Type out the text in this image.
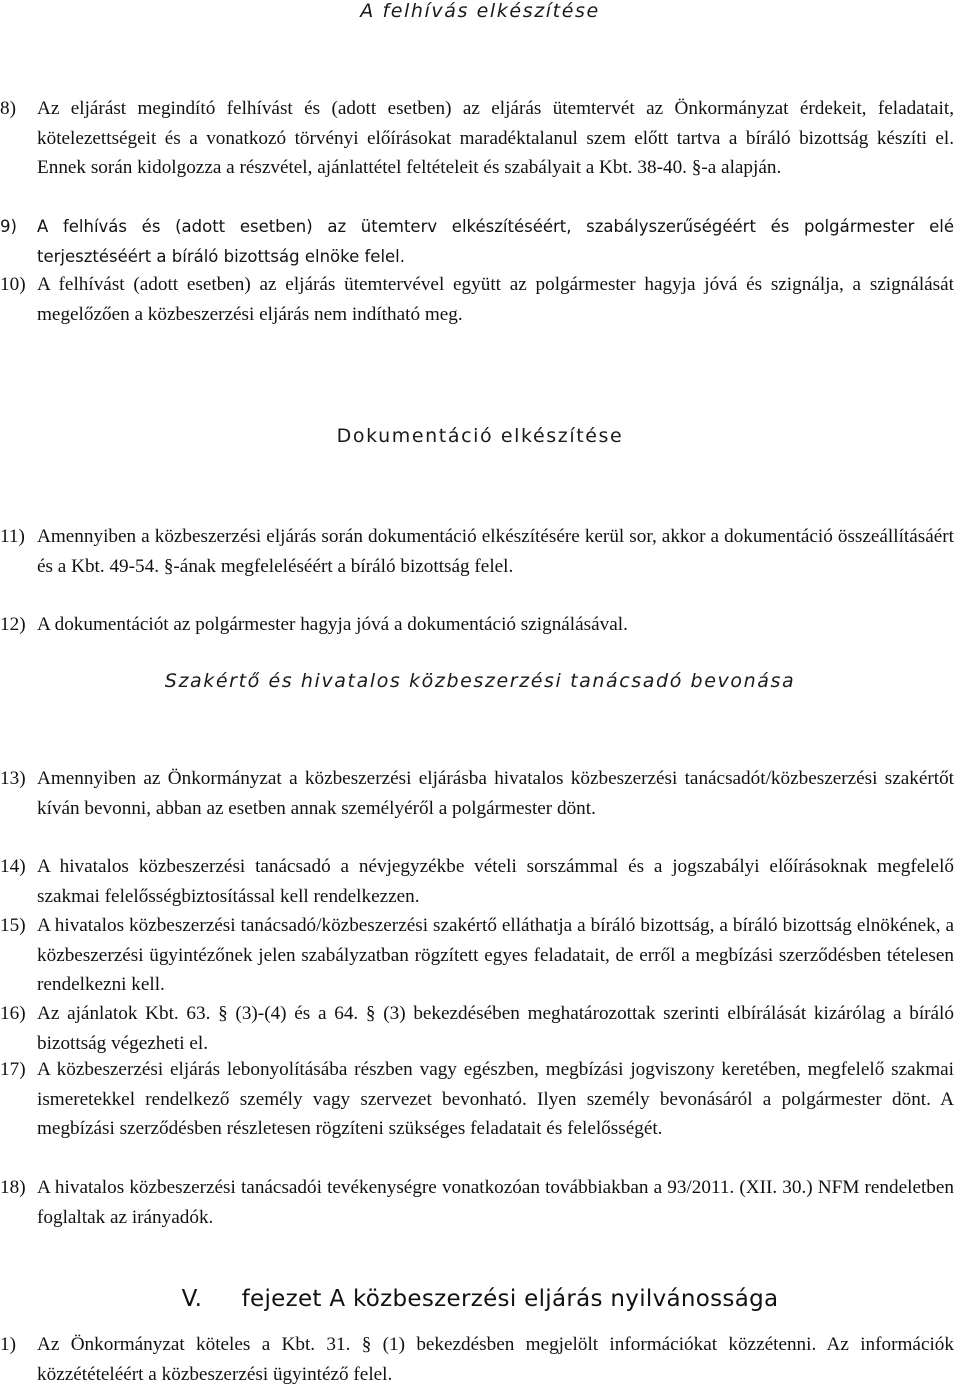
A felhívás elkészítése
8)	Az eljárást megindító felhívást és (adott esetben) az eljárás ütemtervét az Önkormányzat érdekeit, feladatait, kötelezettségeit és a vonatkozó törvényi előírásokat maradéktalanul szem előtt tartva a bíráló bizottság készíti el. Ennek során kidolgozza a részvétel, ajánlattétel feltételeit és szabályait a Kbt. 38-40. §-a alapján.
9)	A felhívás és (adott esetben) az ütemterv elkészítéséért, szabályszerűségéért és polgármester elé terjesztéséért a bíráló bizottság elnöke felel.
10) A felhívást (adott esetben) az eljárás ütemtervével együtt az polgármester hagyja jóvá és szignálja, a szignálását megelőzően a közbeszerzési eljárás nem indítható meg.
Dokumentáció elkészítése
11) Amennyiben a közbeszerzési eljárás során dokumentáció elkészítésére kerül sor, akkor a dokumentáció összeállításáért és a Kbt. 49-54. §-ának megfeleléséért a bíráló bizottság felel.
12) A dokumentációt az polgármester hagyja jóvá a dokumentáció szignálásával.
Szakértő és hivatalos közbeszerzési tanácsadó bevonása
13) Amennyiben az Önkormányzat a közbeszerzési eljárásba hivatalos közbeszerzési tanácsadót/közbeszerzési szakértőt kíván bevonni, abban az esetben annak személyéről a polgármester dönt.
14) A hivatalos közbeszerzési tanácsadó a névjegyzékbe vételi sorszámmal és a jogszabályi előírásoknak megfelelő szakmai felelősségbiztosítással kell rendelkezzen.
15) A hivatalos közbeszerzési tanácsadó/közbeszerzési szakértő elláthatja a bíráló bizottság, a bíráló bizottság elnökének, a közbeszerzési ügyintézőnek jelen szabályzatban rögzített egyes feladatait, de erről a megbízási szerződésben tételesen rendelkezni kell.
16) Az ajánlatok Kbt. 63. § (3)-(4) és a 64. § (3) bekezdésében meghatározottak szerinti elbírálását kizárólag a bíráló bizottság végezheti el.
17) A közbeszerzési eljárás lebonyolításába részben vagy egészben, megbízási jogviszony keretében, megfelelő szakmai ismeretekkel rendelkező személy vagy szervezet bevonható. Ilyen személy bevonásáról a polgármester dönt. A megbízási szerződésben részletesen rögzíteni szükséges feladatait és felelősségét.
18) A hivatalos közbeszerzési tanácsadói tevékenységre vonatkozóan továbbiakban a 93/2011. (XII. 30.) NFM rendeletben foglaltak az irányadók.
V. fejezet A közbeszerzési eljárás nyilvánossága
1)	Az Önkormányzat köteles a Kbt. 31. § (1) bekezdésben megjelölt információkat közzétenni. Az információk közzétételéért a közbeszerzési ügyintéző felel.
